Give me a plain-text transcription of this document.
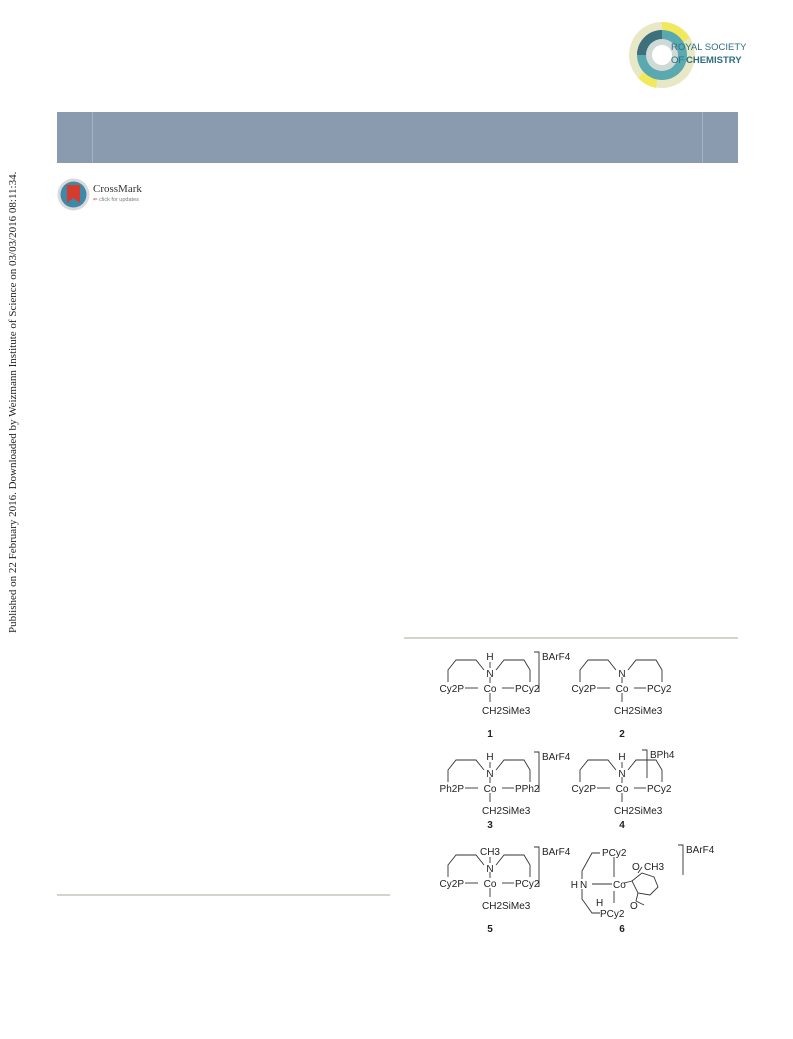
ROYAL SOCIETY
OF CHEMISTRY
CrossMark
⇐ click for updates
Published on 22 February 2016. Downloaded by Weizmann Institute of Science on 03/03/2016 08:11:34.
H
N
Cy2P Co PCy2
CH2SiMe3
BArF4
1
N
Cy2P Co PCy2
CH2SiMe3
2
H
N
Ph2P Co PPh2
CH2SiMe3
BArF4
3
H
N
Cy2P Co PCy2
CH2SiMe3
BPh4
4
CH3
N
Cy2P Co PCy2
CH2SiMe3
BArF4
5
PCy2
H N	Co
O CH3
O
H
PCy2
BArF4
6
